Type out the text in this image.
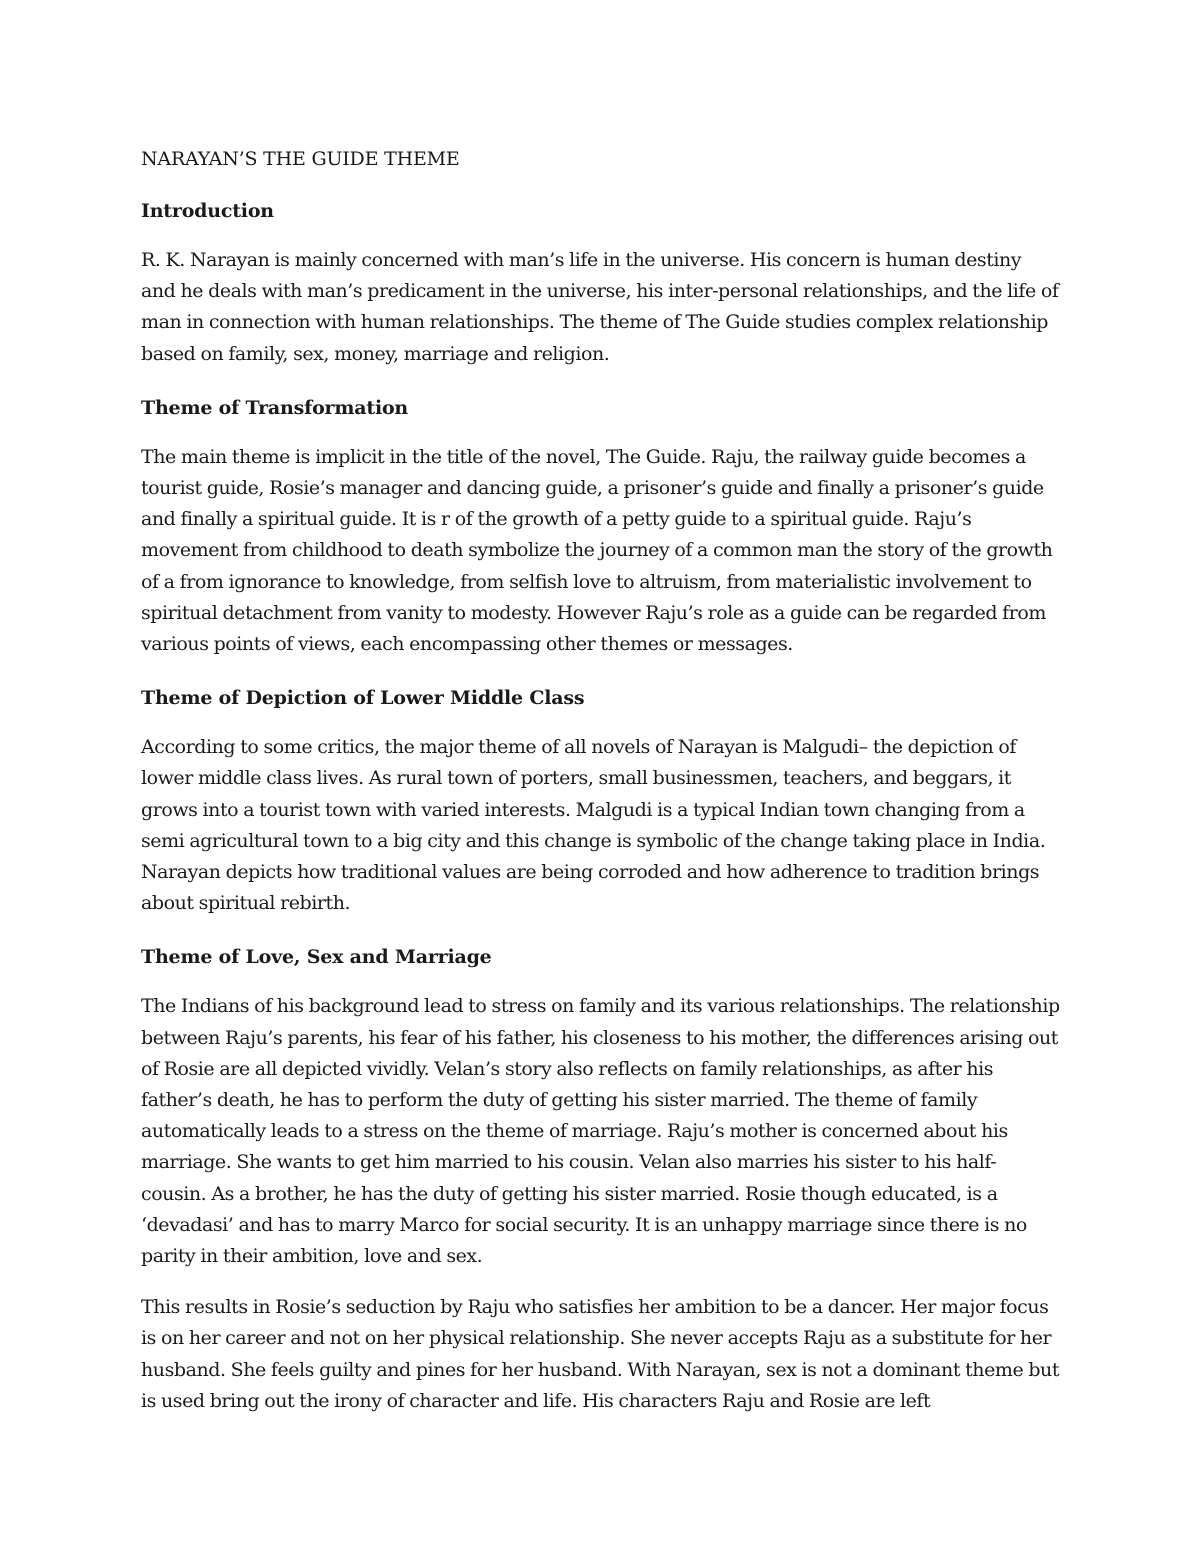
NARAYAN’S THE GUIDE THEME

Introduction

R. K. Narayan is mainly concerned with man’s life in the universe. His concern is human destiny and he deals with man’s predicament in the universe, his inter-personal relationships, and the life of man in connection with human relationships. The theme of The Guide studies complex relationship based on family, sex, money, marriage and religion.

Theme of Transformation

The main theme is implicit in the title of the novel, The Guide. Raju, the railway guide becomes a tourist guide, Rosie’s manager and dancing guide, a prisoner’s guide and finally a prisoner’s guide and finally a spiritual guide. It is r of the growth of a petty guide to a spiritual guide. Raju’s movement from childhood to death symbolize the journey of a common man the story of the growth of a from ignorance to knowledge, from selfish love to altruism, from materialistic involvement to spiritual detachment from vanity to modesty. However Raju’s role as a guide can be regarded from various points of views, each encompassing other themes or messages.

Theme of Depiction of Lower Middle Class

According to some critics, the major theme of all novels of Narayan is Malgudi– the depiction of lower middle class lives. As rural town of porters, small businessmen, teachers, and beggars, it grows into a tourist town with varied interests. Malgudi is a typical Indian town changing from a semi agricultural town to a big city and this change is symbolic of the change taking place in India. Narayan depicts how traditional values are being corroded and how adherence to tradition brings about spiritual rebirth.

Theme of Love, Sex and Marriage

The Indians of his background lead to stress on family and its various relationships. The relationship between Raju’s parents, his fear of his father, his closeness to his mother, the differences arising out of Rosie are all depicted vividly. Velan’s story also reflects on family relationships, as after his father’s death, he has to perform the duty of getting his sister married. The theme of family automatically leads to a stress on the theme of marriage. Raju’s mother is concerned about his marriage. She wants to get him married to his cousin. Velan also marries his sister to his half-cousin. As a brother, he has the duty of getting his sister married. Rosie though educated, is a ‘devadasi’ and has to marry Marco for social security. It is an unhappy marriage since there is no parity in their ambition, love and sex.

This results in Rosie’s seduction by Raju who satisfies her ambition to be a dancer. Her major focus is on her career and not on her physical relationship. She never accepts Raju as a substitute for her husband. She feels guilty and pines for her husband. With Narayan, sex is not a dominant theme but is used bring out the irony of character and life. His characters Raju and Rosie are left
